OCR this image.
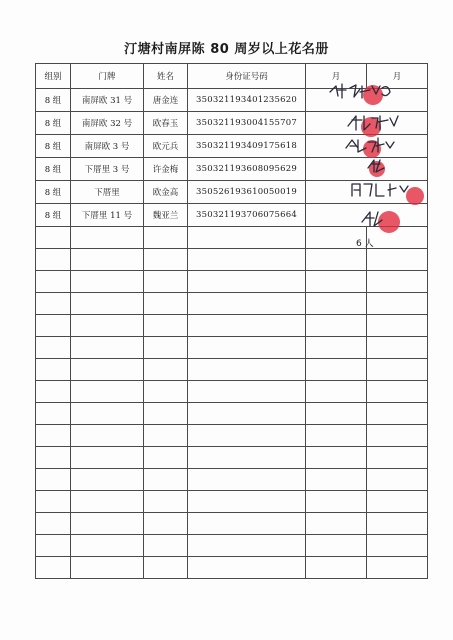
汀塘村南屏陈 80 周岁以上花名册
组别	门牌	姓名	身份证号码	月	月
8 组	南屏欧 31 号	唐金连	350321193401235620		
8 组	南屏欧 32 号	欧春玉	350321193004155707		
8 组	南屏欧 3 号	欧元兵	350321193409175618		
8 组	下厝里 3 号	许金梅	350321193608095629		
8 组	下厝里	欧金高	350526193610050019		
8 组	下厝里 11 号	魏亚兰	350321193706075664		

6 人
